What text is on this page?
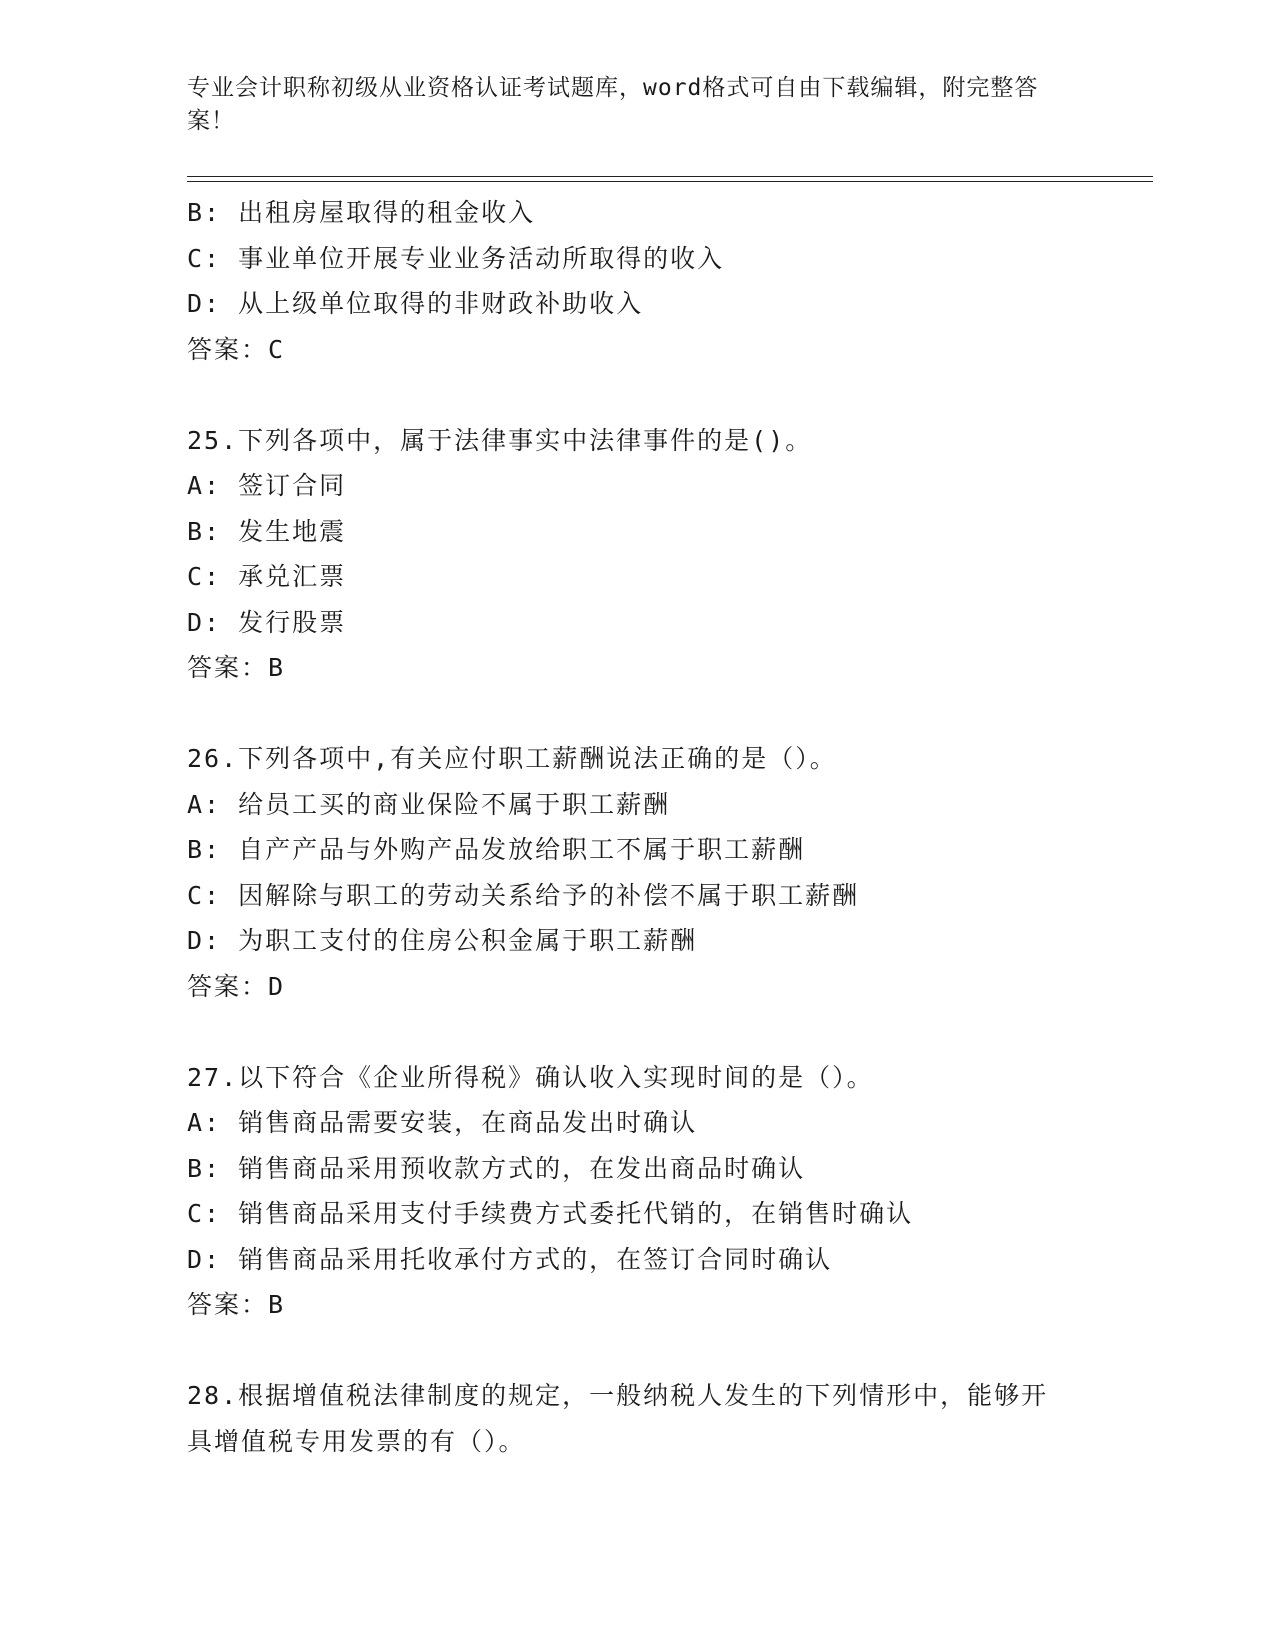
专业会计职称初级从业资格认证考试题库，word格式可自由下载编辑，附完整答案！
B: 出租房屋取得的租金收入
C: 事业单位开展专业业务活动所取得的收入
D: 从上级单位取得的非财政补助收入
答案：C
25.下列各项中，属于法律事实中法律事件的是()。
A: 签订合同
B: 发生地震
C: 承兑汇票
D: 发行股票
答案：B
26.下列各项中,有关应付职工薪酬说法正确的是（）。
A: 给员工买的商业保险不属于职工薪酬
B: 自产产品与外购产品发放给职工不属于职工薪酬
C: 因解除与职工的劳动关系给予的补偿不属于职工薪酬
D: 为职工支付的住房公积金属于职工薪酬
答案：D
27.以下符合《企业所得税》确认收入实现时间的是（）。
A: 销售商品需要安装，在商品发出时确认
B: 销售商品采用预收款方式的，在发出商品时确认
C: 销售商品采用支付手续费方式委托代销的，在销售时确认
D: 销售商品采用托收承付方式的，在签订合同时确认
答案：B
28.根据增值税法律制度的规定，一般纳税人发生的下列情形中，能够开具增值税专用发票的有（）。
